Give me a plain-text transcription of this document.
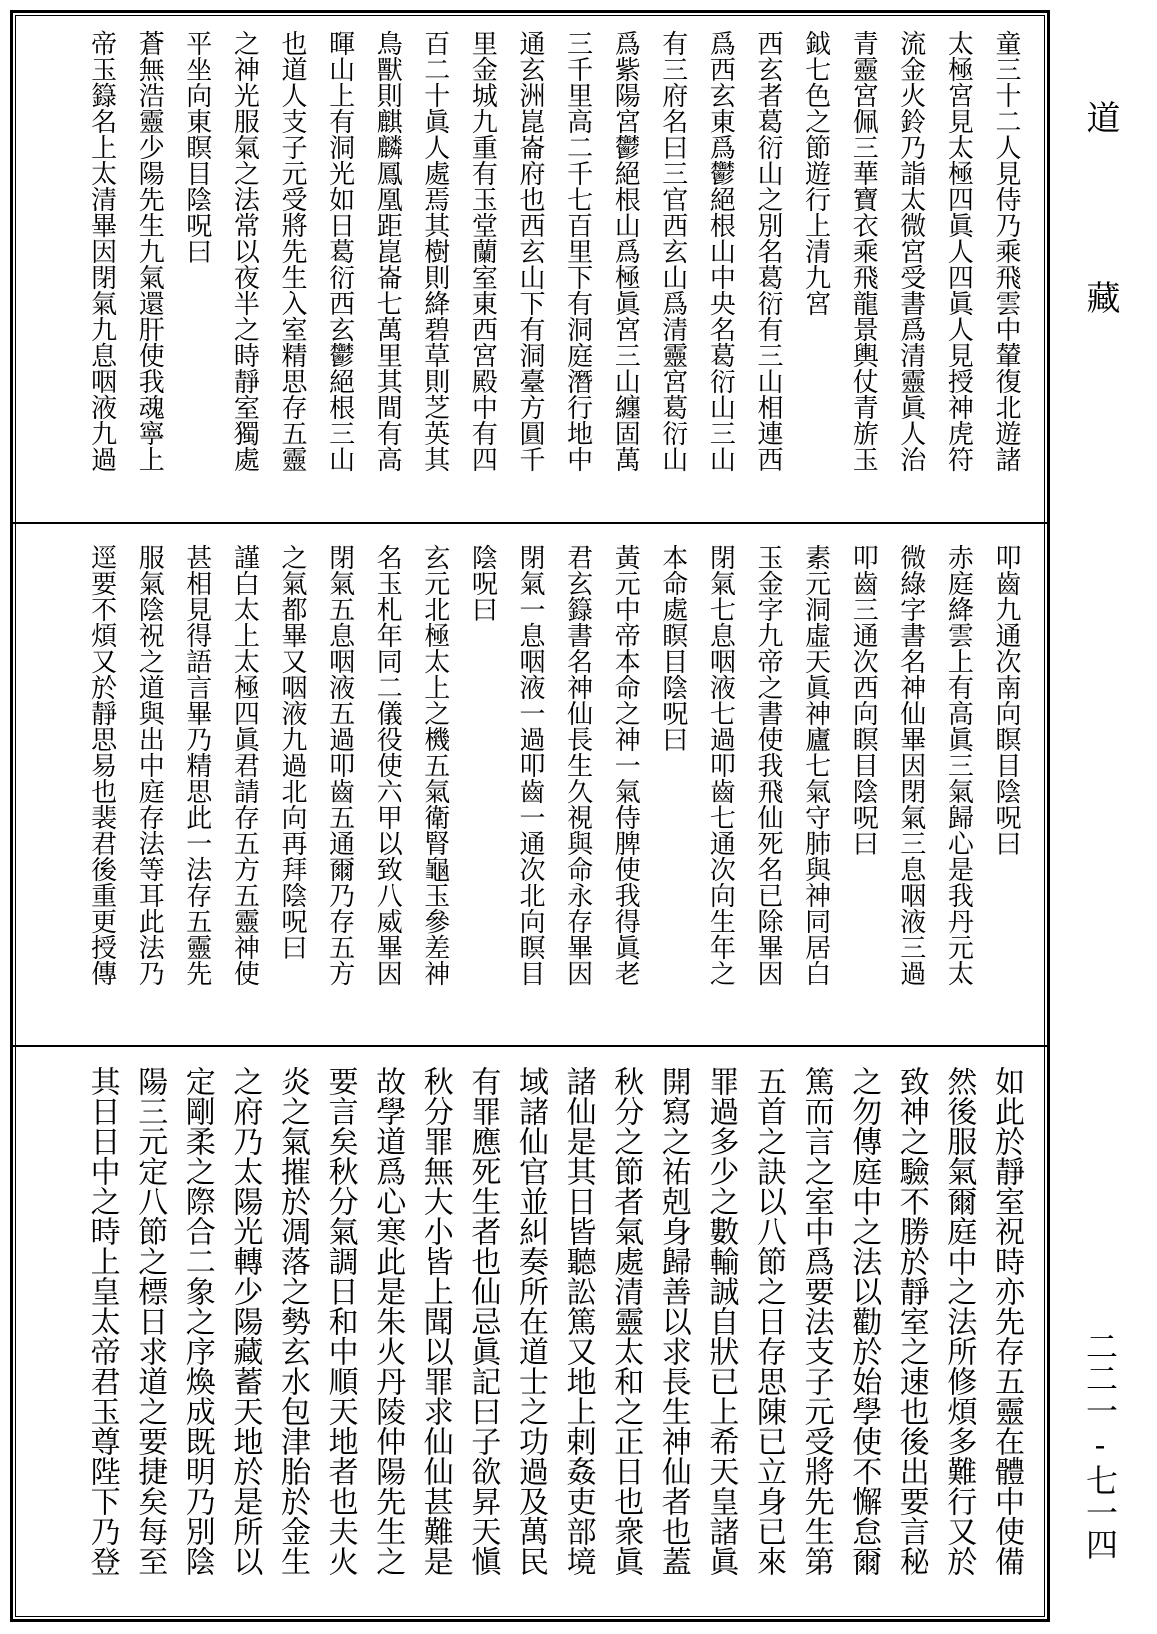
童三十二人見侍乃乘飛雲中輦復北遊諸
太極宮見太極四眞人四眞人見授神虎符
流金火鈴乃詣太微宮受書爲清靈眞人治
青靈宮佩三華寶衣乘飛龍景輿仗青旂玉
鉞七色之節遊行上清九宮
西玄者葛衍山之別名葛衍有三山相連西
爲西玄東爲鬱絕根山中央名葛衍山三山
有三府名曰三官西玄山爲清靈宮葛衍山
爲紫陽宮鬱絕根山爲極眞宮三山纏固萬
三千里高二千七百里下有洞庭潛行地中
通玄洲崑崙府也西玄山下有洞臺方圓千
里金城九重有玉堂蘭室東西宮殿中有四
百二十眞人處焉其樹則絳碧草則芝英其
鳥獸則麒麟鳳凰距崑崙七萬里其間有高
暉山上有洞光如日葛衍西玄鬱絕根三山
也道人支子元受將先生入室精思存五靈
之神光服氣之法常以夜半之時靜室獨處
平坐向東瞑目陰呪曰
蒼無浩靈少陽先生九氣還肝使我魂寧上
帝玉籙名上太清畢因閉氣九息咽液九過
叩齒九通次南向瞑目陰呪曰
赤庭絳雲上有高眞三氣歸心是我丹元太
微綠字書名神仙畢因閉氣三息咽液三過
叩齒三通次西向瞑目陰呪曰
素元洞虛天眞神廬七氣守肺與神同居白
玉金字九帝之書使我飛仙死名已除畢因
閉氣七息咽液七過叩齒七通次向生年之
本命處瞑目陰呪曰
黃元中帝本命之神一氣侍脾使我得眞老
君玄籙書名神仙長生久視與命永存畢因
閉氣一息咽液一過叩齒一通次北向瞑目
陰呪曰
玄元北極太上之機五氣衛腎龜玉參差神
名玉札年同二儀役使六甲以致八威畢因
閉氣五息咽液五過叩齒五通爾乃存五方
之氣都畢又咽液九過北向再拜陰呪曰
謹白太上太極四眞君請存五方五靈神使
甚相見得語言畢乃精思此一法存五靈先
服氣陰祝之道與出中庭存法等耳此法乃
逕要不煩又於靜思易也裴君後重更授傳
如此於靜室祝時亦先存五靈在體中使備
然後服氣爾庭中之法所修煩多難行又於
致神之驗不勝於靜室之速也後出要言秘
之勿傳庭中之法以勸於始學使不懈怠爾
篤而言之室中爲要法支子元受將先生第
五首之訣以八節之日存思陳已立身已來
罪過多少之數輸誠自狀已上希天皇諸眞
開寫之祐剋身歸善以求長生神仙者也蓋
秋分之節者氣處清靈太和之正日也衆眞
諸仙是其日皆聽訟篤又地上剌姦吏部境
域諸仙官並糾奏所在道士之功過及萬民
有罪應死生者也仙忌眞記曰子欲昇天愼
秋分罪無大小皆上聞以罪求仙仙甚難是
故學道爲心寒此是朱火丹陵仲陽先生之
要言矣秋分氣調日和中順天地者也夫火
炎之氣摧於凋落之勢玄水包津胎於金生
之府乃太陽光轉少陽藏蓄天地於是所以
定剛柔之際合二象之序煥成既明乃別陰
陽三元定八節之標日求道之要捷矣每至
其日日中之時上皇太帝君玉尊陛下乃登
道
藏
二二一-七一四
